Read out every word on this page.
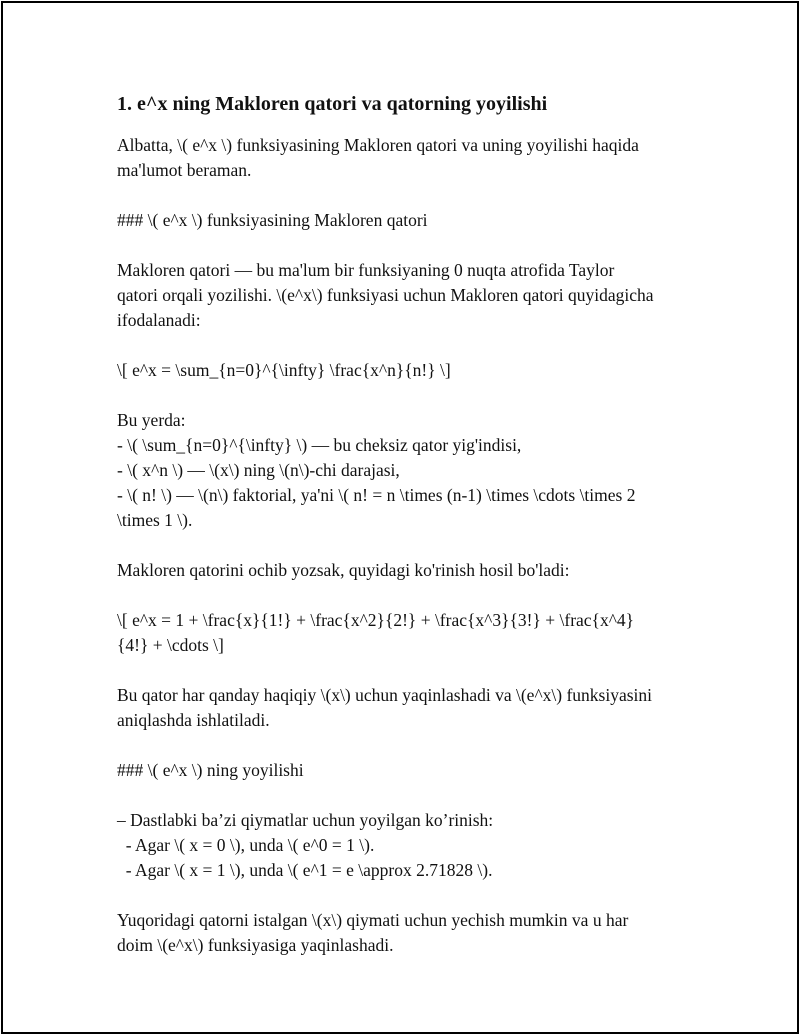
1. e^x ning Makloren qatori va qatorning yoyilishi
Albatta, \( e^x \) funksiyasining Makloren qatori va uning yoyilishi haqida
ma'lumot beraman.
### \( e^x \) funksiyasining Makloren qatori
Makloren qatori — bu ma'lum bir funksiyaning 0 nuqta atrofida Taylor
qatori orqali yozilishi. \(e^x\) funksiyasi uchun Makloren qatori quyidagicha
ifodalanadi:
\[ e^x = \sum_{n=0}^{\infty} \frac{x^n}{n!} \]
Bu yerda:
- \( \sum_{n=0}^{\infty} \) — bu cheksiz qator yig'indisi,
- \( x^n \) — \(x\) ning \(n\)-chi darajasi,
- \( n! \) — \(n\) faktorial, ya'ni \( n! = n \times (n-1) \times \cdots \times 2
\times 1 \).
Makloren qatorini ochib yozsak, quyidagi ko'rinish hosil bo'ladi:
\[ e^x = 1 + \frac{x}{1!} + \frac{x^2}{2!} + \frac{x^3}{3!} + \frac{x^4}
{4!} + \cdots \]
Bu qator har qanday haqiqiy \(x\) uchun yaqinlashadi va \(e^x\) funksiyasini
aniqlashda ishlatiladi.
### \( e^x \) ning yoyilishi
– Dastlabki ba’zi qiymatlar uchun yoyilgan ko’rinish:
- Agar \( x = 0 \), unda \( e^0 = 1 \).
- Agar \( x = 1 \), unda \( e^1 = e \approx 2.71828 \).
Yuqoridagi qatorni istalgan \(x\) qiymati uchun yechish mumkin va u har
doim \(e^x\) funksiyasiga yaqinlashadi.
